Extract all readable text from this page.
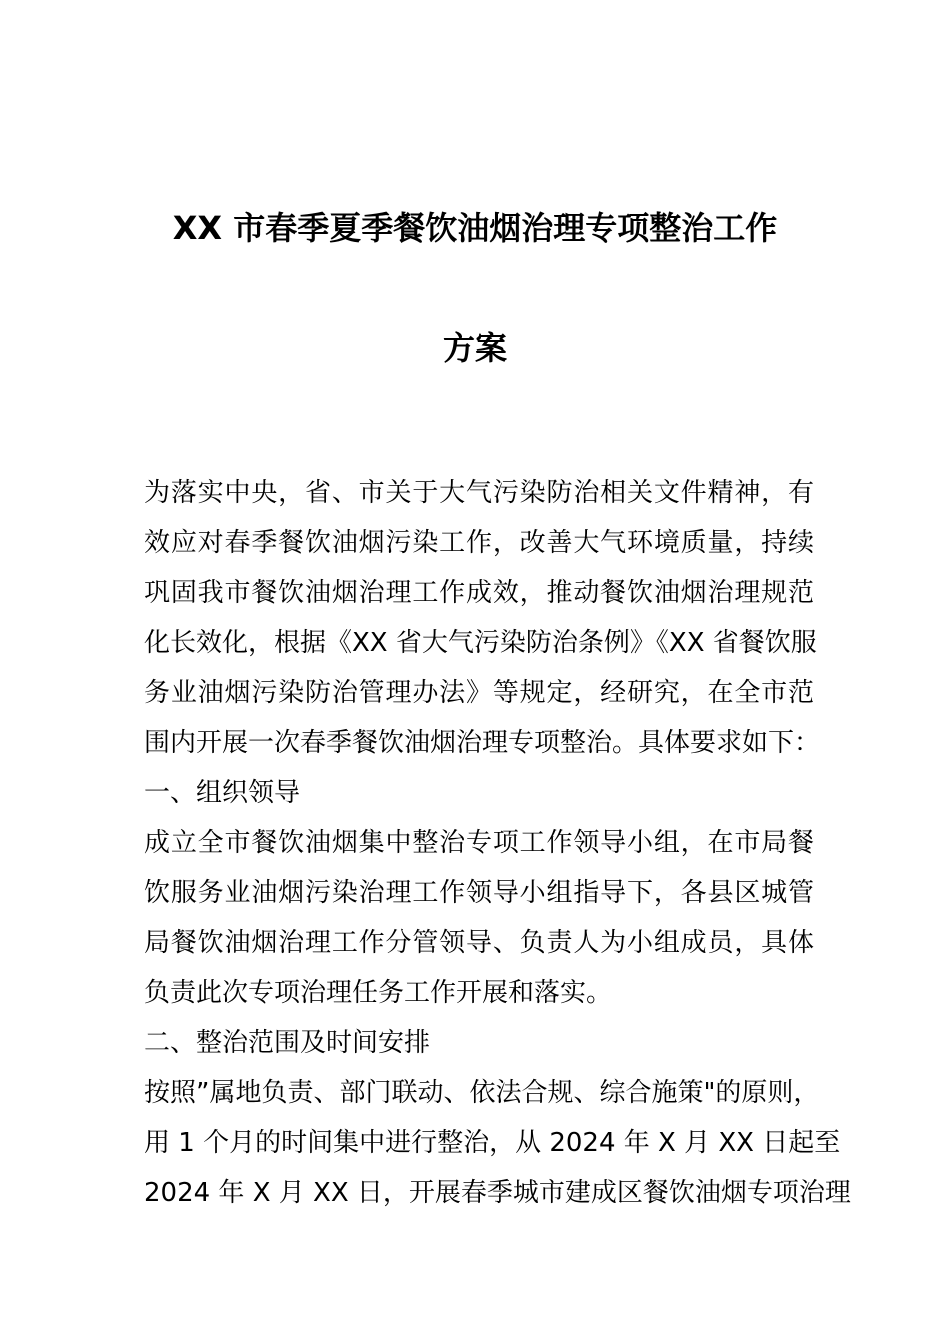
XX 市春季夏季餐饮油烟治理专项整治工作
方案
为落实中央，省、市关于大气污染防治相关文件精神，有
效应对春季餐饮油烟污染工作，改善大气环境质量，持续
巩固我市餐饮油烟治理工作成效，推动餐饮油烟治理规范
化长效化，根据《XX 省大气污染防治条例》《XX 省餐饮服
务业油烟污染防治管理办法》等规定，经研究，在全市范
围内开展一次春季餐饮油烟治理专项整治。具体要求如下：
一、组织领导
成立全市餐饮油烟集中整治专项工作领导小组，在市局餐
饮服务业油烟污染治理工作领导小组指导下，各县区城管
局餐饮油烟治理工作分管领导、负责人为小组成员，具体
负责此次专项治理任务工作开展和落实。
二、整治范围及时间安排
按照”属地负责、部门联动、依法合规、综合施策"的原则，
用 1 个月的时间集中进行整治，从 2024 年 X 月 XX 日起至
2024 年 X 月 XX 日，开展春季城市建成区餐饮油烟专项治理
